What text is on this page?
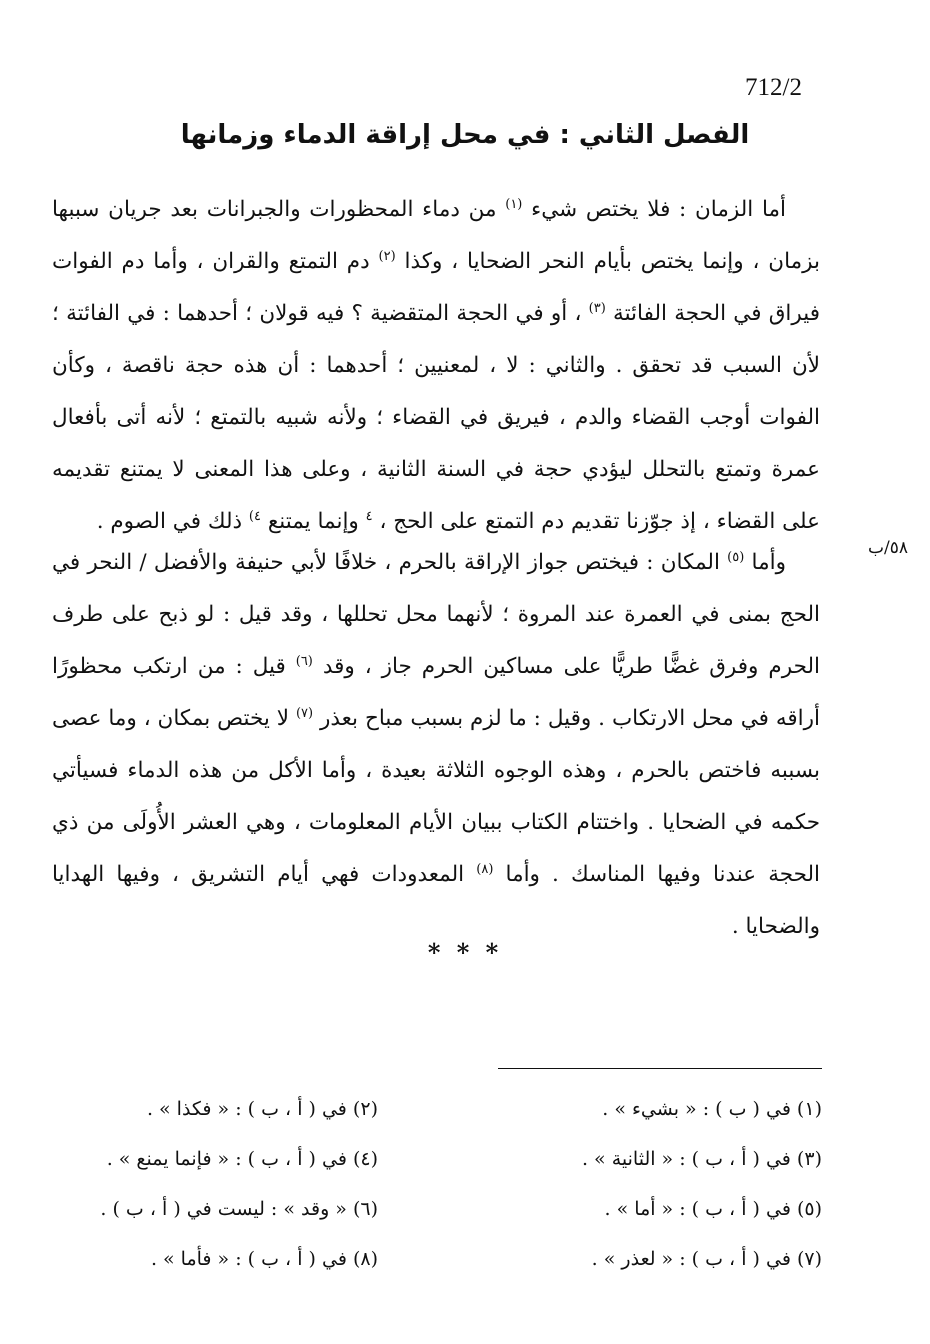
712/2
الفصل الثاني : في محل إراقة الدماء وزمانها

أما الزمان : فلا يختص شيء $^{(١)}$ من دماء المحظورات والجبرانات بعد جريان سببها بزمان ، وإنما يختص بأيام النحر الضحايا ، وكذا $^{(٢)}$ دم التمتع والقران ، وأما دم الفوات فيراق في الحجة الفائتة $^{(٣)}$ ، أو في الحجة المتقضية ؟ فيه قولان ؛ أحدهما : في الفائتة ؛ لأن السبب قد تحقق . والثاني : لا ، لمعنيين ؛ أحدهما : أن هذه حجة ناقصة ، وكأن الفوات أوجب القضاء والدم ، فيريق في القضاء ؛ ولأنه شبيه بالتمتع ؛ لأنه أتى بأفعال عمرة وتمتع بالتحلل ليؤدي حجة في السنة الثانية ، وعلى هذا المعنى لا يمتنع تقديمه على القضاء ، إذ جوّزنا تقديم دم التمتع على الحج ، $^٤$ وإنما يمتنع $^{٤)}$ ذلك في الصوم .

٥٨/ب

وأما $^{(٥)}$ المكان : فيختص جواز الإراقة بالحرم ، خلافًا لأبي حنيفة والأفضل / النحر في الحج بمنى في العمرة عند المروة ؛ لأنهما محل تحللها ، وقد قيل : لو ذبح على طرف الحرم وفرق غضًّا طريًّا على مساكين الحرم جاز ، وقد $^{(٦)}$ قيل : من ارتكب محظورًا أراقه في محل الارتكاب . وقيل : ما لزم بسبب مباح بعذر $^{(٧)}$ لا يختص بمكان ، وما عصى بسببه فاختص بالحرم ، وهذه الوجوه الثلاثة بعيدة ، وأما الأكل من هذه الدماء فسيأتي حكمه في الضحايا . واختتام الكتاب ببيان الأيام المعلومات ، وهي العشر الأُولَى من ذي الحجة عندنا وفيها المناسك . وأما $^{(٨)}$ المعدودات فهي أيام التشريق ، وفيها الهدايا والضحايا .

* * *
(١) في ( ب ) : « بشيء » .
(٢) في ( أ ، ب ) : « فكذا » .
(٣) في ( أ ، ب ) : « الثانية » .
(٤) في ( أ ، ب ) : « فإنما يمنع » .
(٥) في ( أ ، ب ) : « أما » .
(٦) « وقد » : ليست في ( أ ، ب ) .
(٧) في ( أ ، ب ) : « لعذر » .
(٨) في ( أ ، ب ) : « فأما » .
